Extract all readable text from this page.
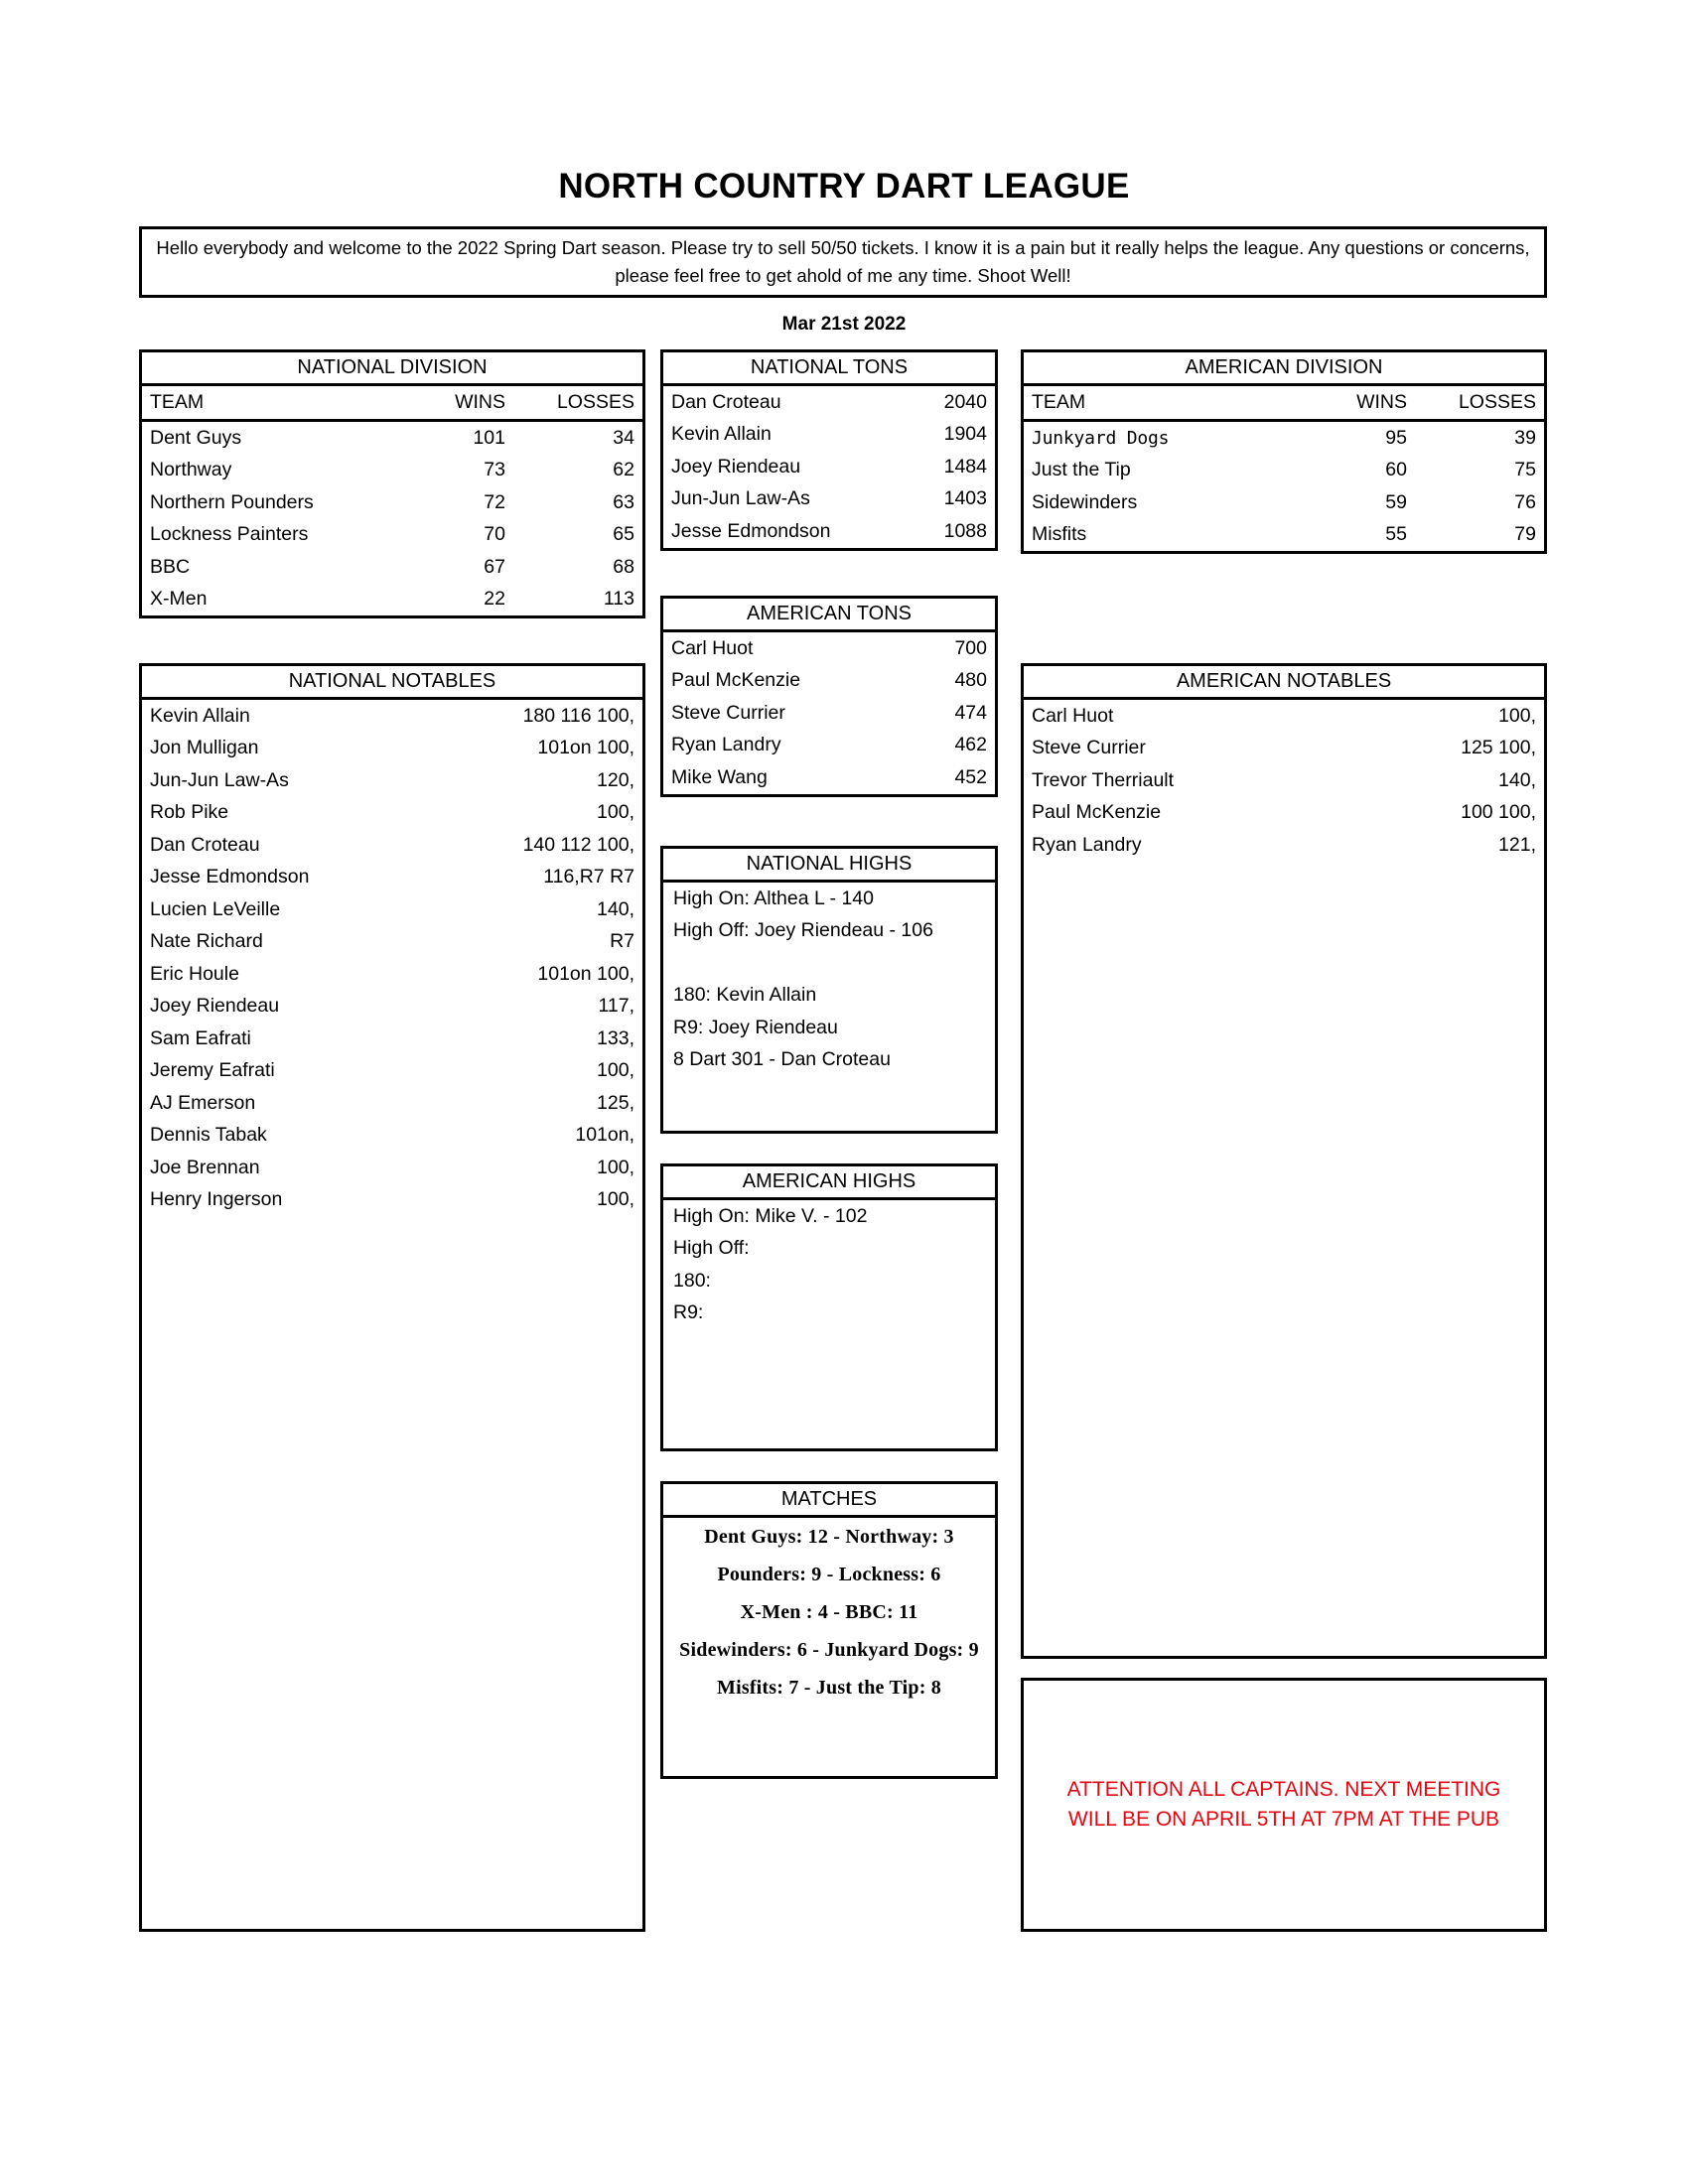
NORTH COUNTRY DART LEAGUE
Hello everybody and welcome to the 2022 Spring Dart season. Please try to sell 50/50 tickets. I know it is a pain but it really helps the league. Any questions or concerns, please feel free to get ahold of me any time. Shoot Well!
Mar 21st 2022
NATIONAL DIVISION
TEAM	WINS	LOSSES
Dent Guys	101	34
Northway	73	62
Northern Pounders	72	63
Lockness Painters	70	65
BBC	67	68
X-Men	22	113
NATIONAL TONS
Dan Croteau	2040
Kevin Allain	1904
Joey Riendeau	1484
Jun-Jun Law-As	1403
Jesse Edmondson	1088
AMERICAN DIVISION
TEAM	WINS	LOSSES
Junkyard Dogs	95	39
Just the Tip	60	75
Sidewinders	59	76
Misfits	55	79
NATIONAL NOTABLES
Kevin Allain	180 116 100,
Jon Mulligan	101on 100,
Jun-Jun Law-As	120,
Rob Pike	100,
Dan Croteau	140 112 100,
Jesse Edmondson	116,R7 R7
Lucien LeVeille	140,
Nate Richard	R7
Eric Houle	101on 100,
Joey Riendeau	117,
Sam Eafrati	133,
Jeremy Eafrati	100,
AJ Emerson	125,
Dennis Tabak	101on,
Joe Brennan	100,
Henry Ingerson	100,
AMERICAN TONS
Carl Huot	700
Paul McKenzie	480
Steve Currier	474
Ryan Landry	462
Mike Wang	452
AMERICAN NOTABLES
Carl Huot	100,
Steve Currier	125 100,
Trevor Therriault	140,
Paul McKenzie	100 100,
Ryan Landry	121,
NATIONAL HIGHS
High On: Althea L - 140
High Off: Joey Riendeau - 106

180: Kevin Allain
R9: Joey Riendeau
8 Dart 301 - Dan Croteau
AMERICAN HIGHS
High On: Mike V. - 102
High Off:
180:
R9:
MATCHES
Dent Guys: 12 - Northway: 3
Pounders: 9 - Lockness: 6
X-Men : 4 - BBC: 11
Sidewinders: 6 - Junkyard Dogs: 9
Misfits: 7 - Just the Tip: 8
ATTENTION ALL CAPTAINS. NEXT MEETING WILL BE ON APRIL 5TH AT 7PM AT THE PUB
